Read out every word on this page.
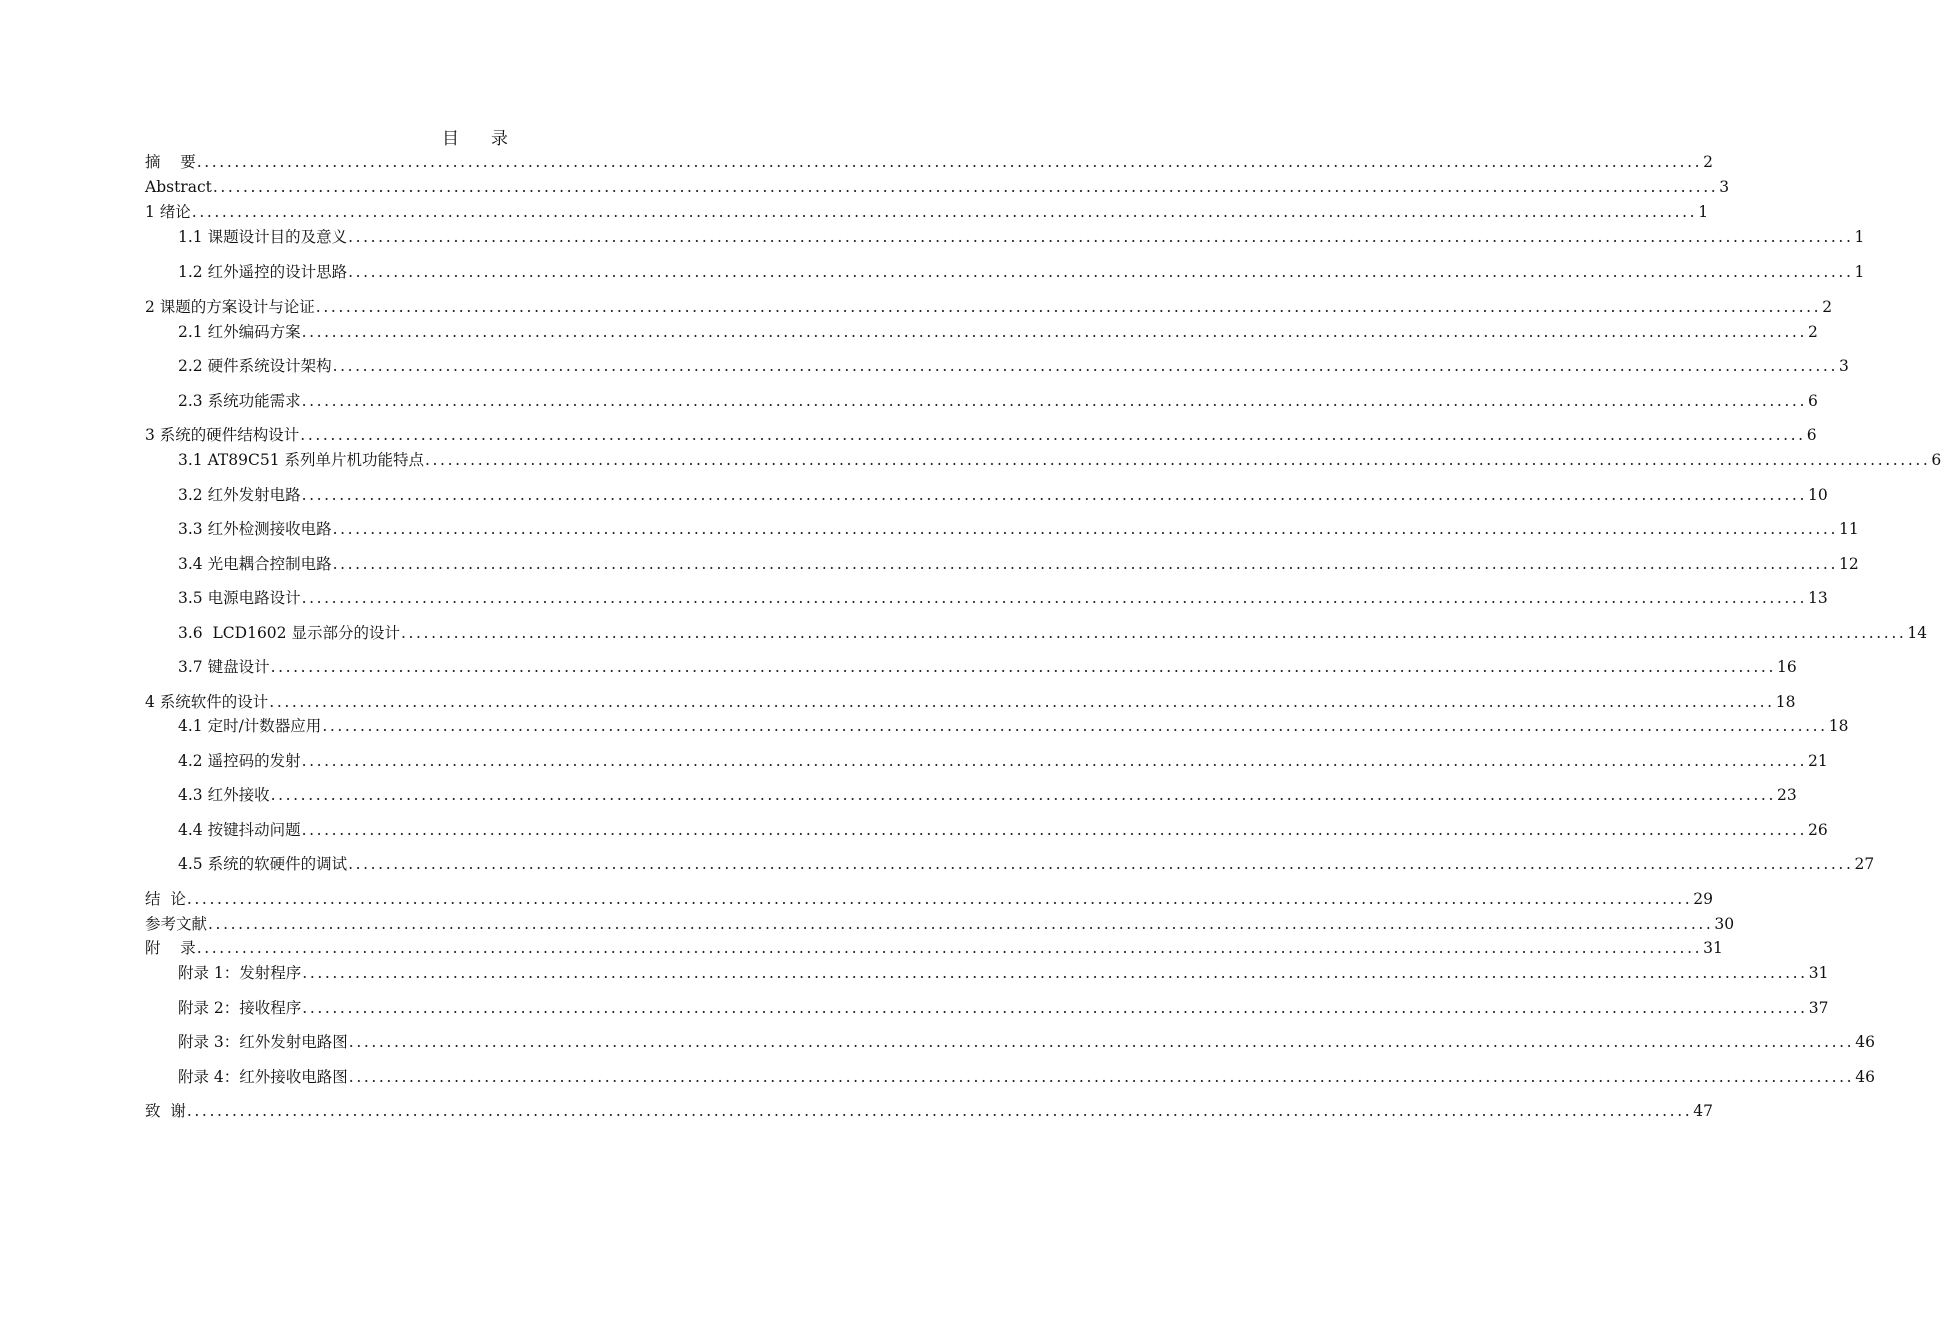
目 录
摘    要 ........................................................................................................................................................................................................ 2
Abstract ........................................................................................................................................................................................................ 3
1 绪论 ........................................................................................................................................................................................................ 1
1.1 课题设计目的及意义 ........................................................................................................................................................................................................ 1
1.2 红外遥控的设计思路 ........................................................................................................................................................................................................ 1
2 课题的方案设计与论证 ........................................................................................................................................................................................................ 2
2.1 红外编码方案 ........................................................................................................................................................................................................ 2
2.2 硬件系统设计架构 ........................................................................................................................................................................................................ 3
2.3 系统功能需求 ........................................................................................................................................................................................................ 6
3 系统的硬件结构设计 ........................................................................................................................................................................................................ 6
3.1 AT89C51 系列单片机功能特点 ........................................................................................................................................................................................................ 6
3.2 红外发射电路 ........................................................................................................................................................................................................ 10
3.3 红外检测接收电路 ........................................................................................................................................................................................................ 11
3.4 光电耦合控制电路 ........................................................................................................................................................................................................ 12
3.5 电源电路设计 ........................................................................................................................................................................................................ 13
3.6  LCD1602 显示部分的设计 ........................................................................................................................................................................................................ 14
3.7 键盘设计 ........................................................................................................................................................................................................ 16
4 系统软件的设计 ........................................................................................................................................................................................................ 18
4.1 定时/计数器应用 ........................................................................................................................................................................................................ 18
4.2 遥控码的发射 ........................................................................................................................................................................................................ 21
4.3 红外接收 ........................................................................................................................................................................................................ 23
4.4 按键抖动问题 ........................................................................................................................................................................................................ 26
4.5 系统的软硬件的调试 ........................................................................................................................................................................................................ 27
结  论 ........................................................................................................................................................................................................ 29
参考文献 ........................................................................................................................................................................................................ 30
附    录 ........................................................................................................................................................................................................ 31
附录 1：发射程序 ........................................................................................................................................................................................................ 31
附录 2：接收程序 ........................................................................................................................................................................................................ 37
附录 3：红外发射电路图 ........................................................................................................................................................................................................ 46
附录 4：红外接收电路图 ........................................................................................................................................................................................................ 46
致  谢 ........................................................................................................................................................................................................ 47
